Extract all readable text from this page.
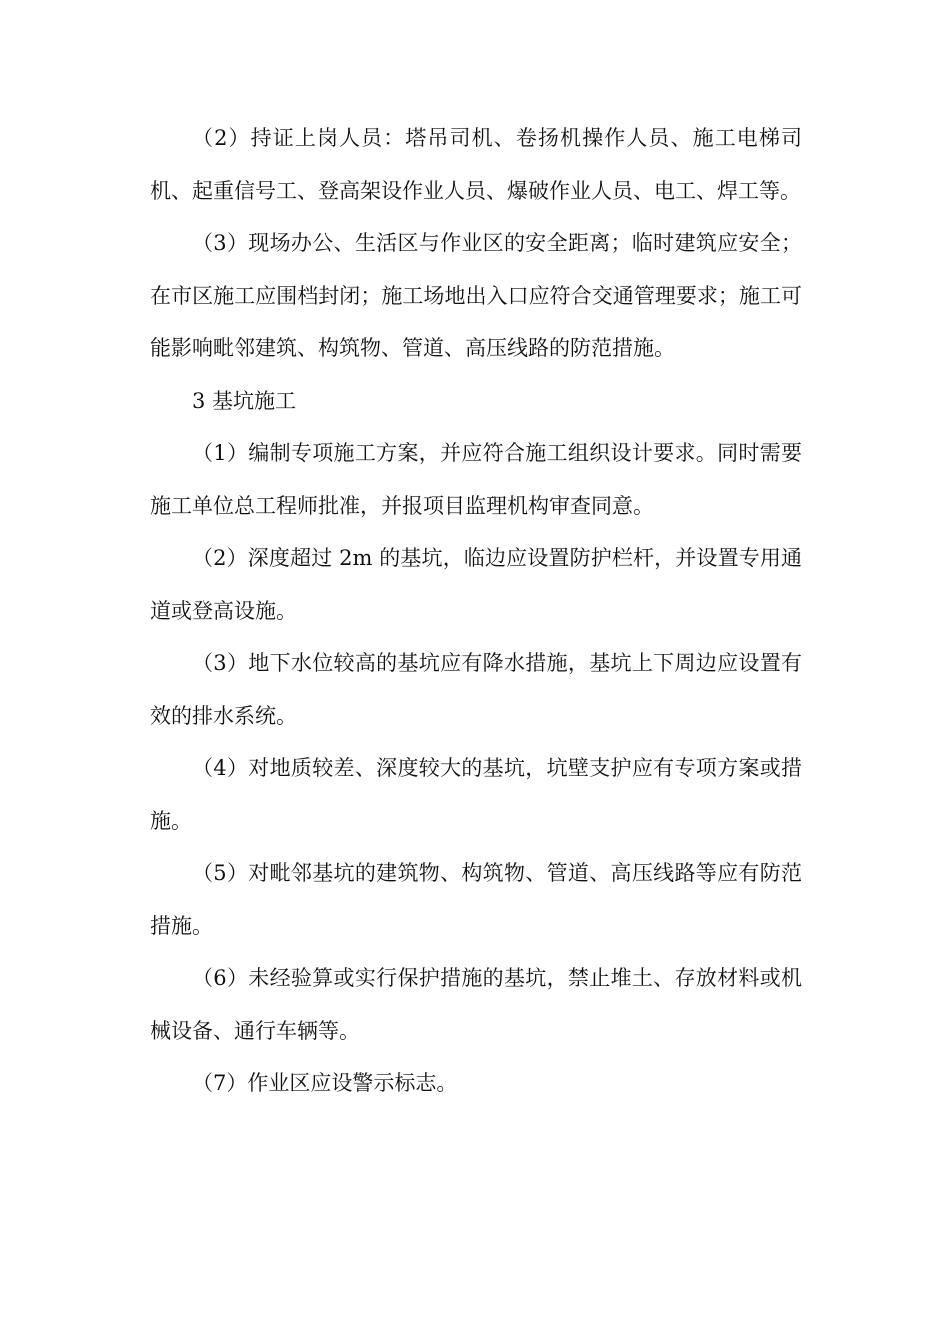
（2）持证上岗人员：塔吊司机、卷扬机操作人员、施工电梯司机、起重信号工、登高架设作业人员、爆破作业人员、电工、焊工等。

（3）现场办公、生活区与作业区的安全距离；临时建筑应安全；在市区施工应围档封闭；施工场地出入口应符合交通管理要求；施工可能影响毗邻建筑、构筑物、管道、高压线路的防范措施。

3 基坑施工

（1）编制专项施工方案，并应符合施工组织设计要求。同时需要施工单位总工程师批准，并报项目监理机构审查同意。

（2）深度超过 2m 的基坑，临边应设置防护栏杆，并设置专用通道或登高设施。

（3）地下水位较高的基坑应有降水措施，基坑上下周边应设置有效的排水系统。

（4）对地质较差、深度较大的基坑，坑壁支护应有专项方案或措施。

（5）对毗邻基坑的建筑物、构筑物、管道、高压线路等应有防范措施。

（6）未经验算或实行保护措施的基坑，禁止堆土、存放材料或机械设备、通行车辆等。

（7）作业区应设警示标志。
